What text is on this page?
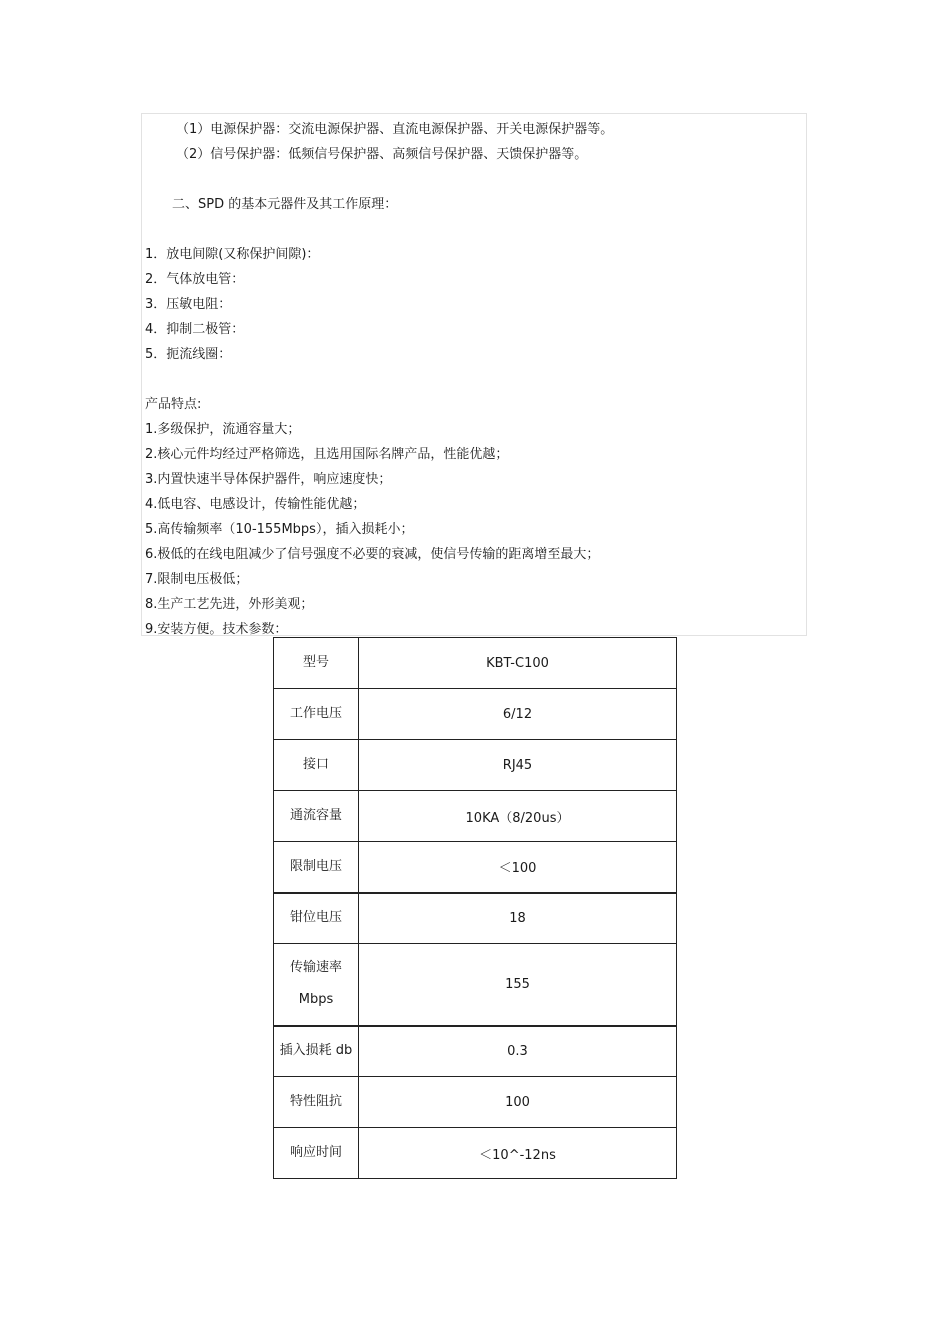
（1）电源保护器：交流电源保护器、直流电源保护器、开关电源保护器等。
（2）信号保护器：低频信号保护器、高频信号保护器、天馈保护器等。
二、SPD 的基本元器件及其工作原理：
1．放电间隙(又称保护间隙)：
2．气体放电管：
3．压敏电阻：
4．抑制二极管：
5．扼流线圈：
产品特点:
1.多级保护，流通容量大；
2.核心元件均经过严格筛选，且选用国际名牌产品，性能优越；
3.内置快速半导体保护器件，响应速度快；
4.低电容、电感设计，传输性能优越；
5.高传输频率（10-155Mbps），插入损耗小；
6.极低的在线电阻减少了信号强度不必要的衰减，使信号传输的距离增至最大；
7.限制电压极低；
8.生产工艺先进，外形美观；
9.安装方便。技术参数：
型号	KBT-C100
工作电压	6/12
接口	RJ45
通流容量	10KA（8/20us）
限制电压	＜100
钳位电压	18

传输速率
Mbps	155
插入损耗 db	0.3
特性阻抗	100
响应时间	＜10^-12ns
